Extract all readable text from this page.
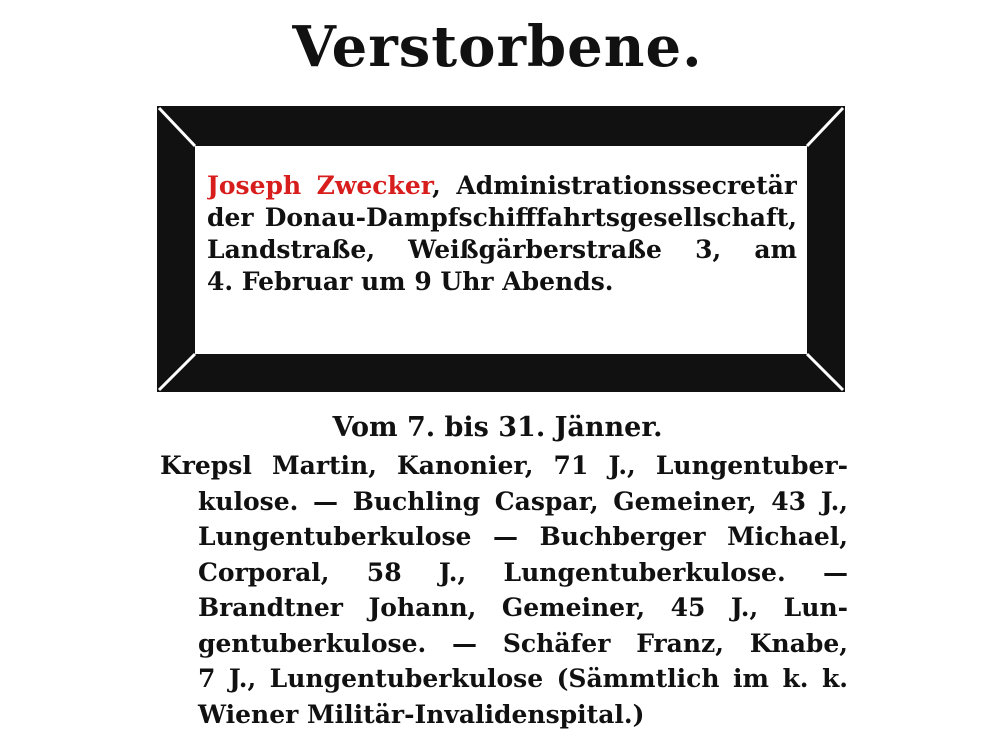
Verstorbene.
Joseph Zwecker, Administrationssecretär
der Donau-Dampfschifffahrtsgesellschaft,
Landstraße, Weißgärberstraße 3, am
4. Februar um 9 Uhr Abends.
Vom 7. bis 31. Jänner.
Krepsl Martin, Kanonier, 71 J., Lungentuber-
kulose. — Buchling Caspar, Gemeiner, 43 J.,
Lungentuberkulose — Buchberger Michael,
Corporal, 58 J., Lungentuberkulose. —
Brandtner Johann, Gemeiner, 45 J., Lun-
gentuberkulose. — Schäfer Franz, Knabe,
7 J., Lungentuberkulose (Sämmtlich im k. k.
Wiener Militär-Invalidenspital.)
